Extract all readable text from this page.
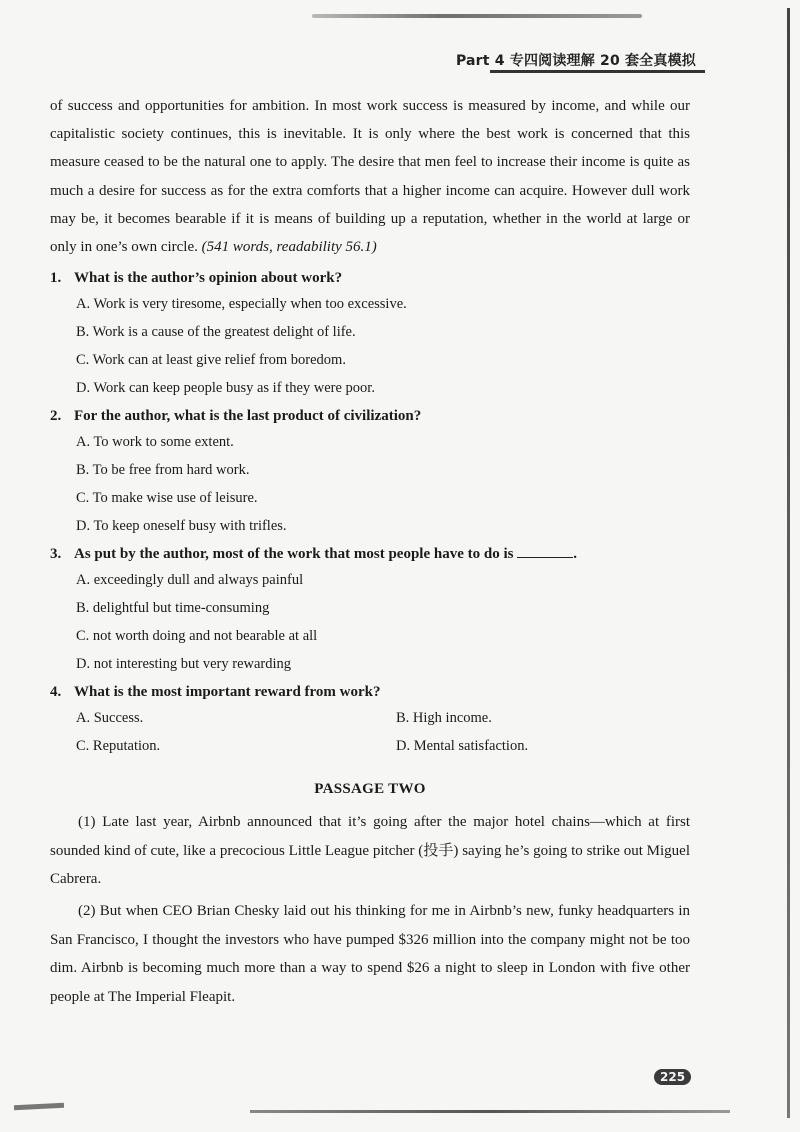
Part 4 专四阅读理解 20 套全真模拟

of success and opportunities for ambition. In most work success is measured by income, and while our capitalistic society continues, this is inevitable. It is only where the best work is concerned that this measure ceased to be the natural one to apply. The desire that men feel to increase their income is quite as much a desire for success as for the extra comforts that a higher income can acquire. However dull work may be, it becomes bearable if it is means of building up a reputation, whether in the world at large or only in one’s own circle. (541 words, readability 56.1)

1. What is the author’s opinion about work?
A. Work is very tiresome, especially when too excessive.
B. Work is a cause of the greatest delight of life.
C. Work can at least give relief from boredom.
D. Work can keep people busy as if they were poor.
2. For the author, what is the last product of civilization?
A. To work to some extent.
B. To be free from hard work.
C. To make wise use of leisure.
D. To keep oneself busy with trifles.
3. As put by the author, most of the work that most people have to do is	.
A. exceedingly dull and always painful
B. delightful but time-consuming
C. not worth doing and not bearable at all
D. not interesting but very rewarding
4. What is the most important reward from work?
A. Success.	B. High income.
C. Reputation.	D. Mental satisfaction.
PASSAGE TWO

(1) Late last year, Airbnb announced that it’s going after the major hotel chains—which at first sounded kind of cute, like a precocious Little League pitcher (投手) saying he’s going to strike out Miguel Cabrera.

(2) But when CEO Brian Chesky laid out his thinking for me in Airbnb’s new, funky headquarters in San Francisco, I thought the investors who have pumped $326 million into the company might not be too dim. Airbnb is becoming much more than a way to spend $26 a night to sleep in London with five other people at The Imperial Fleapit.

225
